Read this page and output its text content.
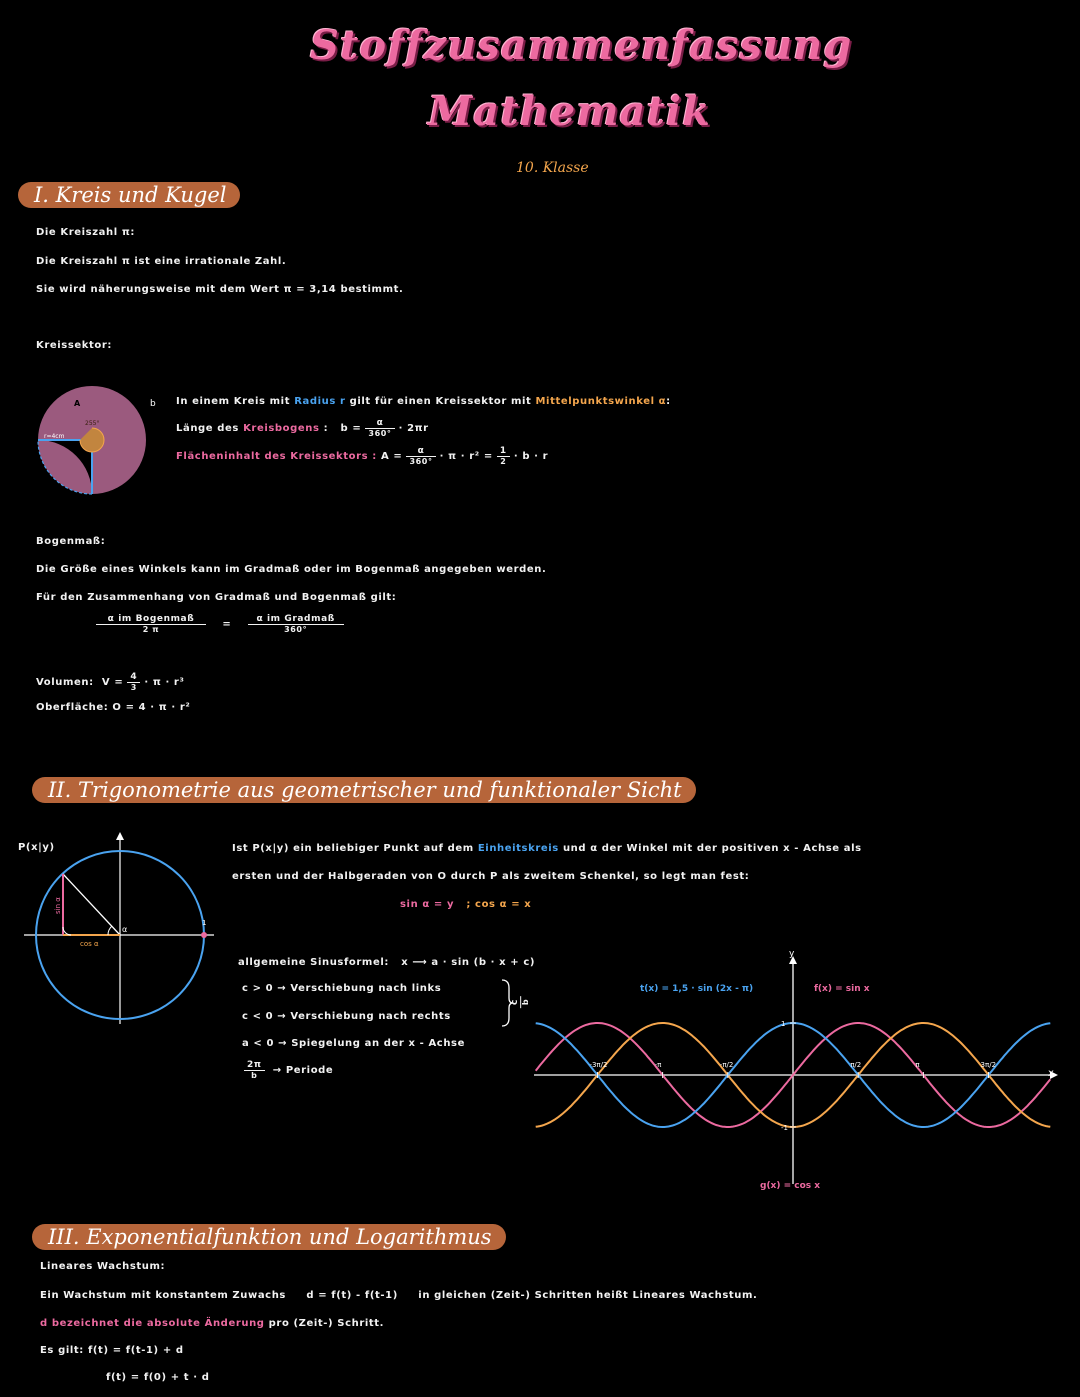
Stoffzusammenfassung
Mathematik
10. Klasse
I. Kreis und Kugel
Die Kreiszahl π:
Die Kreiszahl π ist eine irrationale Zahl.
Sie wird näherungsweise mit dem Wert π = 3,14 bestimmt.
Kreissektor:
A	b
255°
r=4cm
In einem Kreis mit Radius r gilt für einen Kreissektor mit Mittelpunktswinkel α:
Länge des Kreisbogens : $b = \frac{\alpha}{360^\circ} \cdot 2\pi r$
Flächeninhalt des Kreissektors : $A = \frac{\alpha}{360^\circ} \cdot \pi \cdot r^2 = \frac{1}{2} \cdot b \cdot r$
Bogenmaß:
Die Größe eines Winkels kann im Gradmaß oder im Bogenmaß angegeben werden.
Für den Zusammenhang von Gradmaß und Bogenmaß gilt:
$\frac{\text{α im Bogenmaß}}{2 \pi} = \frac{\text{α im Gradmaß}}{360^\circ}$
Volumen: $V = \frac{4}{3} \cdot \pi \cdot r^3$
Oberfläche: O = 4 · π · r²
II. Trigonometrie aus geometrischer und funktionaler Sicht
P(x|y)
sin α
cos α
α
1
Ist P(x|y) ein beliebiger Punkt auf dem Einheitskreis und α der Winkel mit der positiven x - Achse als
ersten und der Halbgeraden von O durch P als zweitem Schenkel, so legt man fest:
sin α = y ; cos α = x
allgemeine Sinusformel: x ⟶ a · sin (b · x + c)
c > 0 → Verschiebung nach links
c < 0 → Verschiebung nach rechts
a < 0 → Spiegelung an der x - Achse
$\frac{2\pi}{b}$ → Periode
c b
x
y
-3π/2	-π	-π/2	π/2	π	3π/2
1
-1
t(x) = 1,5 · sin (2x - π)	f(x) = sin x
g(x) = cos x
III. Exponentialfunktion und Logarithmus
Lineares Wachstum:
Ein Wachstum mit konstantem Zuwachs d = f(t) - f(t-1) in gleichen (Zeit-) Schritten heißt Lineares Wachstum.
d bezeichnet die absolute Änderung pro (Zeit-) Schritt.
Es gilt: f(t) = f(t-1) + d
f(t) = f(0) + t · d
